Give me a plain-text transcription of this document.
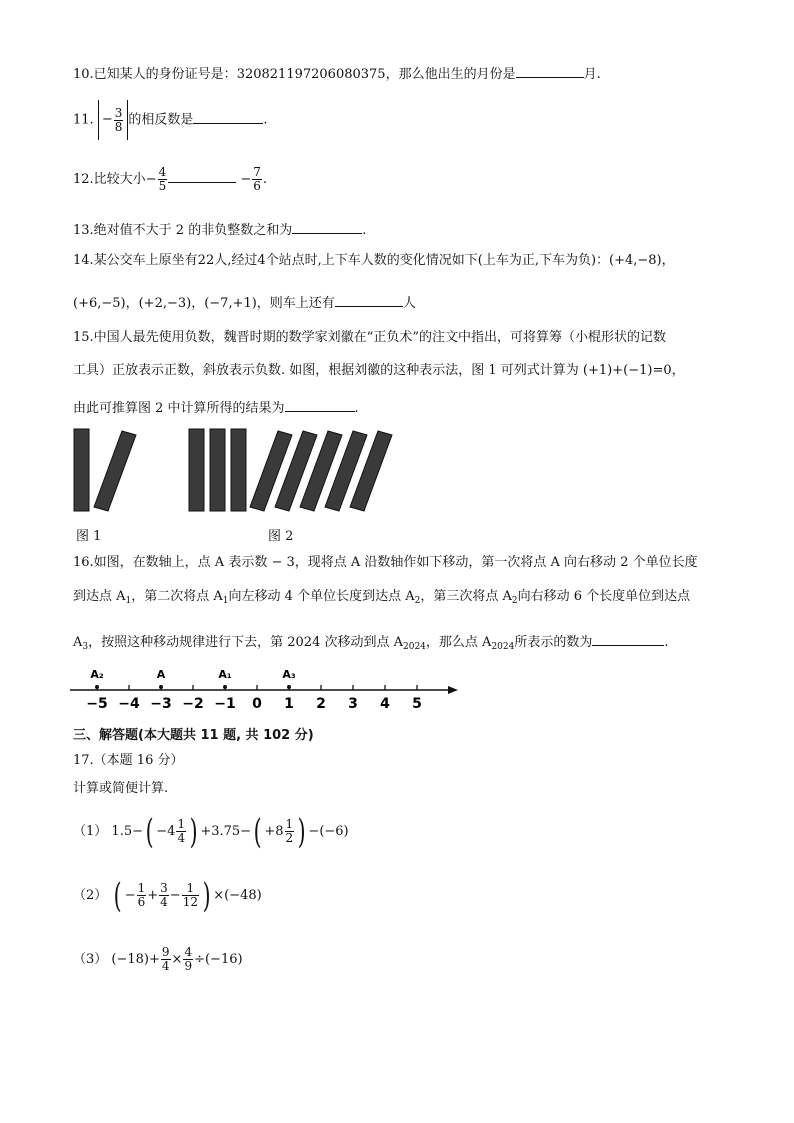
10.已知某人的身份证号是：320821197206080375，那么他出生的月份是	月.
11. − $\frac{3}{8}$ 的相反数是	.
12.比较大小− $\frac{4}{5}$	− $\frac{7}{6}$ .
13.绝对值不大于 2 的非负整数之和为	.
14.某公交车上原坐有22人,经过4个站点时,上下车人数的变化情况如下(上车为正,下车为负)：(+4,−8)，
(+6,−5)，(+2,−3)，(−7,+1)，则车上还有	人
15.中国人最先使用负数，魏晋时期的数学家刘徽在“正负术”的注文中指出，可将算筹（小棍形状的记数
工具）正放表示正数，斜放表示负数. 如图，根据刘徽的这种表示法，图 1 可列式计算为 (+1)+(−1)=0，
由此可推算图 2 中计算所得的结果为	.
图 1	图 2
16.如图，在数轴上，点 A 表示数 − 3，现将点 A 沿数轴作如下移动，第一次将点 A 向右移动 2 个单位长度
到达点 $A_1$，第二次将点 $A_1$向左移动 4 个单位长度到达点 $A_2$，第三次将点 $A_2$向右移动 6 个长度单位到达点
$A_3$，按照这种移动规律进行下去，第 2024 次移动到点 $A_{2024}$，那么点 $A_{2024}$所表示的数为	.
−5 −4 −3 −2 −1 0 1 2 3 4 5
A₂	A	A₁	A₃
三、解答题(本大题共 11 题, 共 102 分)
17.（本题 16 分）
计算或简便计算.
（1） $1.5-( -4 \frac{1}{4}$ ) $+3.75-( +8 \frac{1}{2}$ ) −(−6)
（2） ( − $\frac{1}{6} + \frac{3}{4} - \frac{1}{12}$ ) ×(−48)
（3） $(-18)+ \frac{9}{4} \times \frac{4}{9} \div(-16)$
